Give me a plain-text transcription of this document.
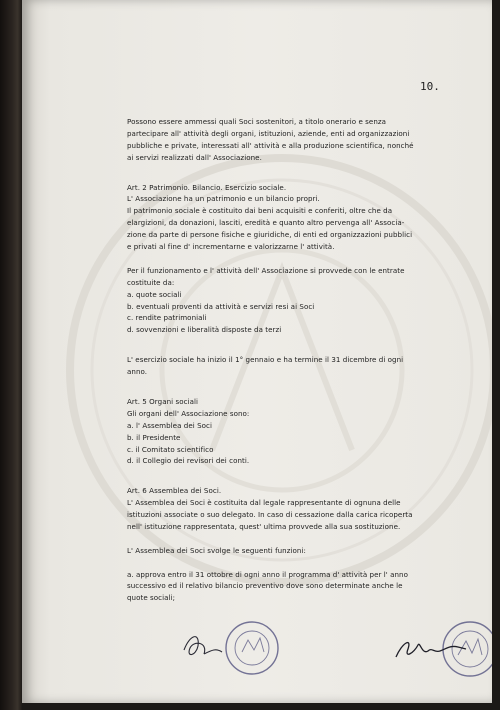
10.

Possono essere ammessi quali Soci sostenitori, a titolo onerario e senza

partecipare all' attività degli organi, istituzioni, aziende, enti ad organizzazioni

pubbliche e private, interessati all' attività e alla produzione scientifica, nonché

ai servizi realizzati dall' Associazione.

Art. 2 Patrimonio. Bilancio. Esercizio sociale.

L' Associazione ha un patrimonio e un bilancio propri.

Il patrimonio sociale è costituito dai beni acquisiti e conferiti, oltre che da

elargizioni, da donazioni, lasciti, eredità e quanto altro pervenga all' Associa-

zione da parte di persone fisiche e giuridiche, di enti ed organizzazioni pubblici

e privati al fine d' incrementarne e valorizzarne l' attività.

Per il funzionamento e l' attività dell' Associazione si provvede con le entrate

costituite da:

a. quote sociali

b. eventuali proventi da attività e servizi resi ai Soci

c. rendite patrimoniali

d. sovvenzioni e liberalità disposte da terzi

L' esercizio sociale ha inizio il 1° gennaio e ha termine il 31 dicembre di ogni

anno.

Art. 5 Organi sociali

Gli organi dell' Associazione sono:

a. l' Assemblea dei Soci

b. il Presidente

c. il Comitato scientifico

d. il Collegio dei revisori dei conti.

Art. 6 Assemblea dei Soci.

L' Assemblea dei Soci è costituita dal legale rappresentante di ognuna delle

istituzioni associate o suo delegato. In caso di cessazione dalla carica ricoperta

nell' istituzione rappresentata, quest' ultima provvede alla sua sostituzione.

L' Assemblea dei Soci svolge le seguenti funzioni:

a. approva entro il 31 ottobre di ogni anno il programma d' attività per l' anno

successivo ed il relativo bilancio preventivo dove sono determinate anche le

quote sociali;
